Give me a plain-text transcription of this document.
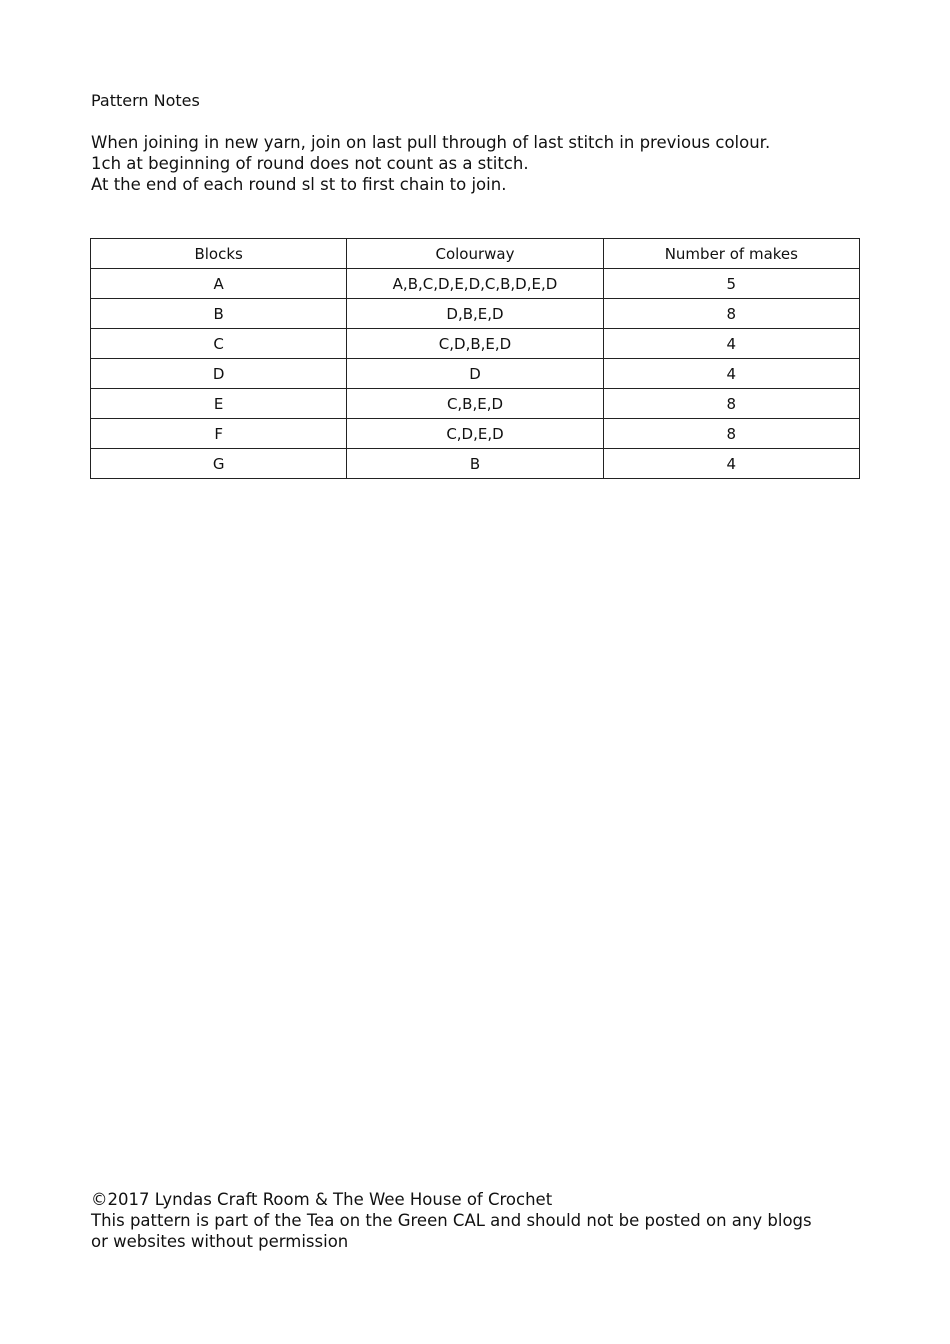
Pattern Notes
When joining in new yarn, join on last pull through of last stitch in previous colour.
1ch at beginning of round does not count as a stitch.
At the end of each round sl st to first chain to join.
Blocks	Colourway	Number of makes
A	A,B,C,D,E,D,C,B,D,E,D	5
B	D,B,E,D	8
C	C,D,B,E,D	4
D	D	4
E	C,B,E,D	8
F	C,D,E,D	8
G	B	4
©2017 Lyndas Craft Room & The Wee House of Crochet
This pattern is part of the Tea on the Green CAL and should not be posted on any blogs
or websites without permission
